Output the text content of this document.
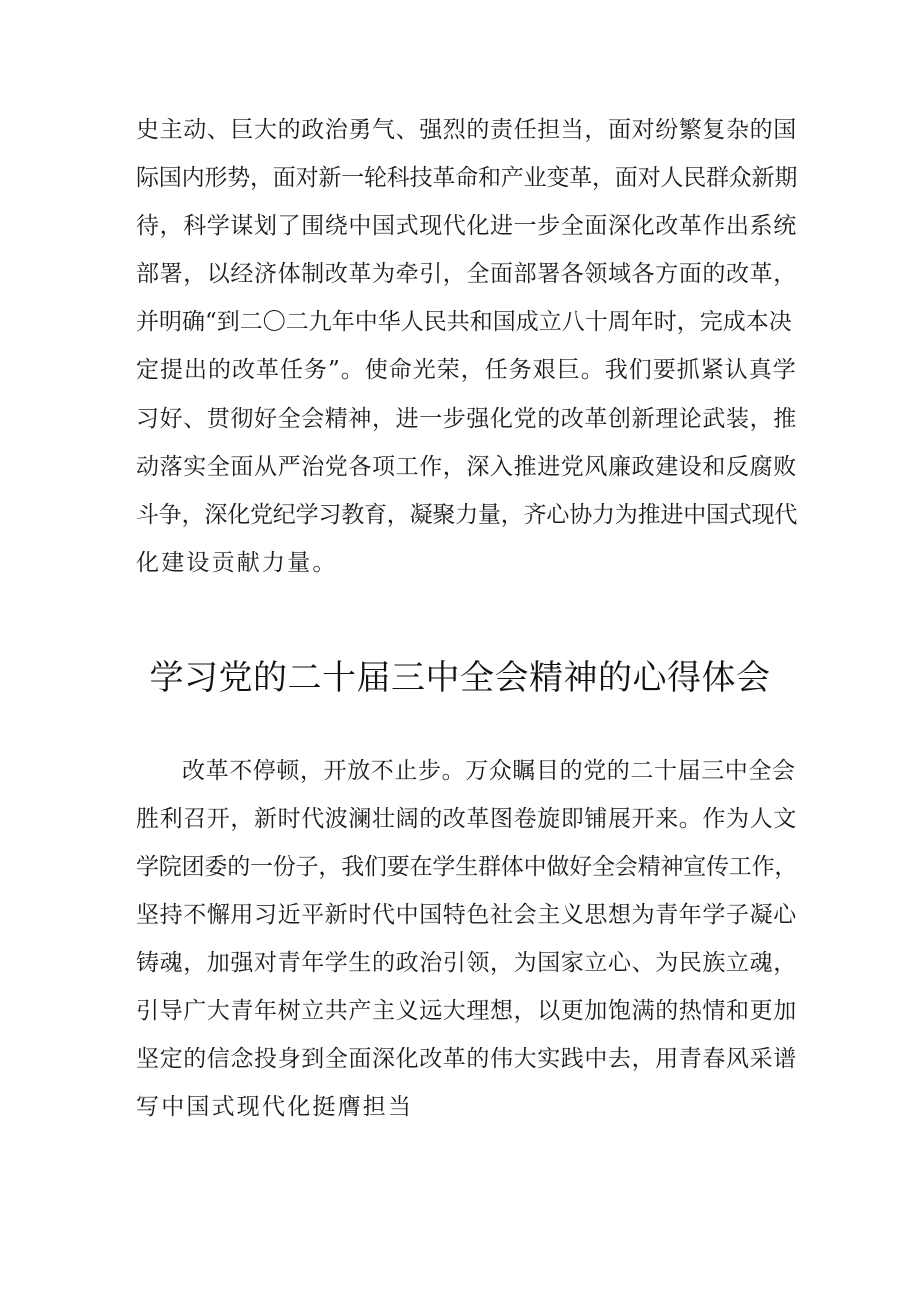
史主动、巨大的政治勇气、强烈的责任担当，面对纷繁复杂的国
际国内形势，面对新一轮科技革命和产业变革，面对人民群众新期
待，科学谋划了围绕中国式现代化进一步全面深化改革作出系统
部署，以经济体制改革为牵引，全面部署各领域各方面的改革，
并明确“到二〇二九年中华人民共和国成立八十周年时，完成本决
定提出的改革任务”。使命光荣，任务艰巨。我们要抓紧认真学
习好、贯彻好全会精神，进一步强化党的改革创新理论武装，推
动落实全面从严治党各项工作，深入推进党风廉政建设和反腐败
斗争，深化党纪学习教育，凝聚力量，齐心协力为推进中国式现代
化建设贡献力量。
学习党的二十届三中全会精神的心得体会
改革不停顿，开放不止步。万众瞩目的党的二十届三中全会
胜利召开，新时代波澜壮阔的改革图卷旋即铺展开来。作为人文
学院团委的一份子，我们要在学生群体中做好全会精神宣传工作，
坚持不懈用习近平新时代中国特色社会主义思想为青年学子凝心
铸魂，加强对青年学生的政治引领，为国家立心、为民族立魂，
引导广大青年树立共产主义远大理想，以更加饱满的热情和更加
坚定的信念投身到全面深化改革的伟大实践中去，用青春风采谱
写中国式现代化挺膺担当
